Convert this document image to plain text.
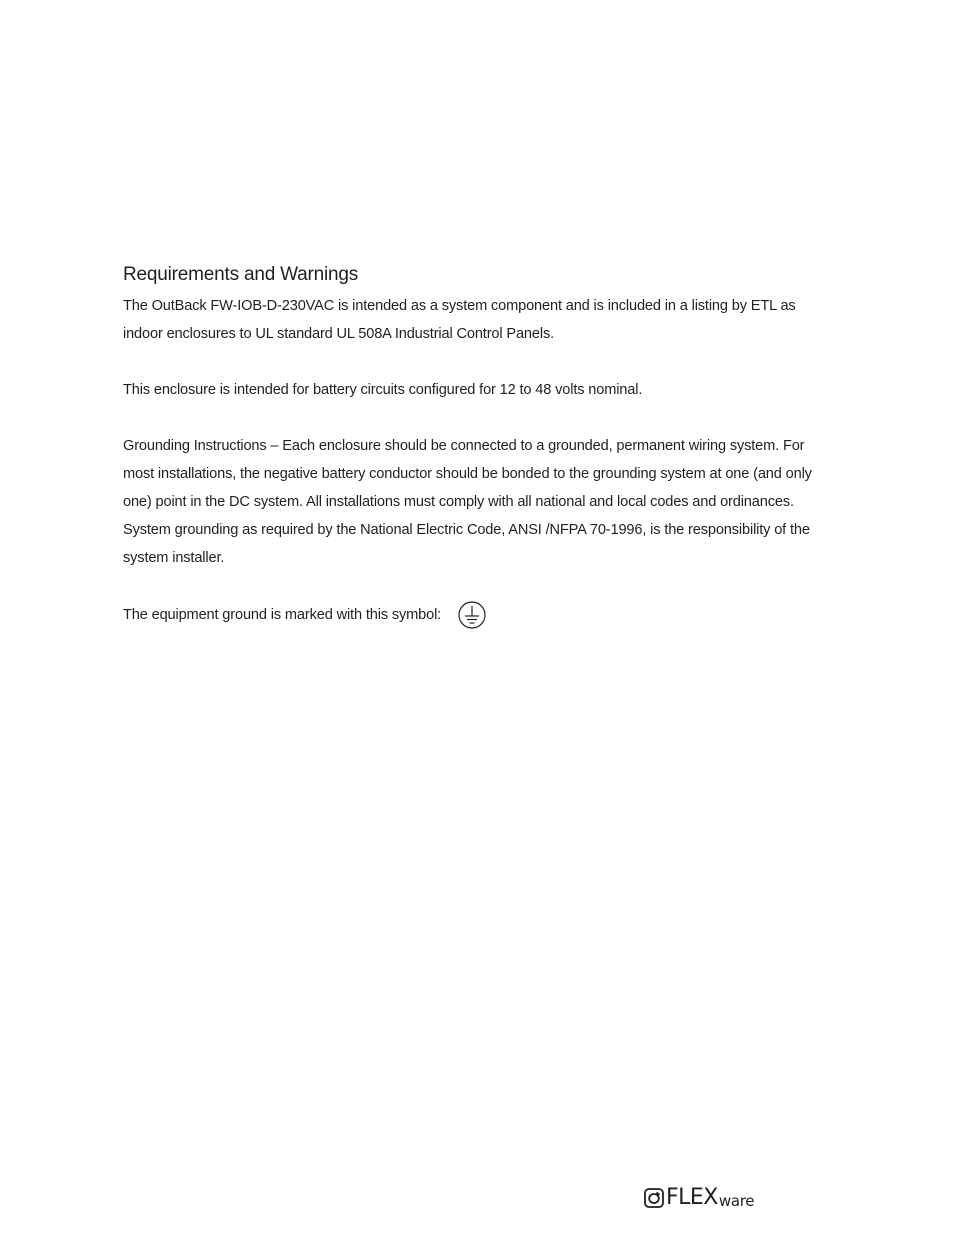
Requirements and Warnings

The OutBack FW-IOB-D-230VAC is intended as a system component and is included in a listing by ETL as indoor enclosures to UL standard UL 508A Industrial Control Panels.

This enclosure is intended for battery circuits configured for 12 to 48 volts nominal.

Grounding Instructions – Each enclosure should be connected to a grounded, permanent wiring system. For most installations, the negative battery conductor should be bonded to the grounding system at one (and only one) point in the DC system. All installations must comply with all national and local codes and ordinances. System grounding as required by the National Electric Code, ANSI /NFPA 70-1996, is the responsibility of the system installer.

The equipment ground is marked with this symbol:
FLEX ware
